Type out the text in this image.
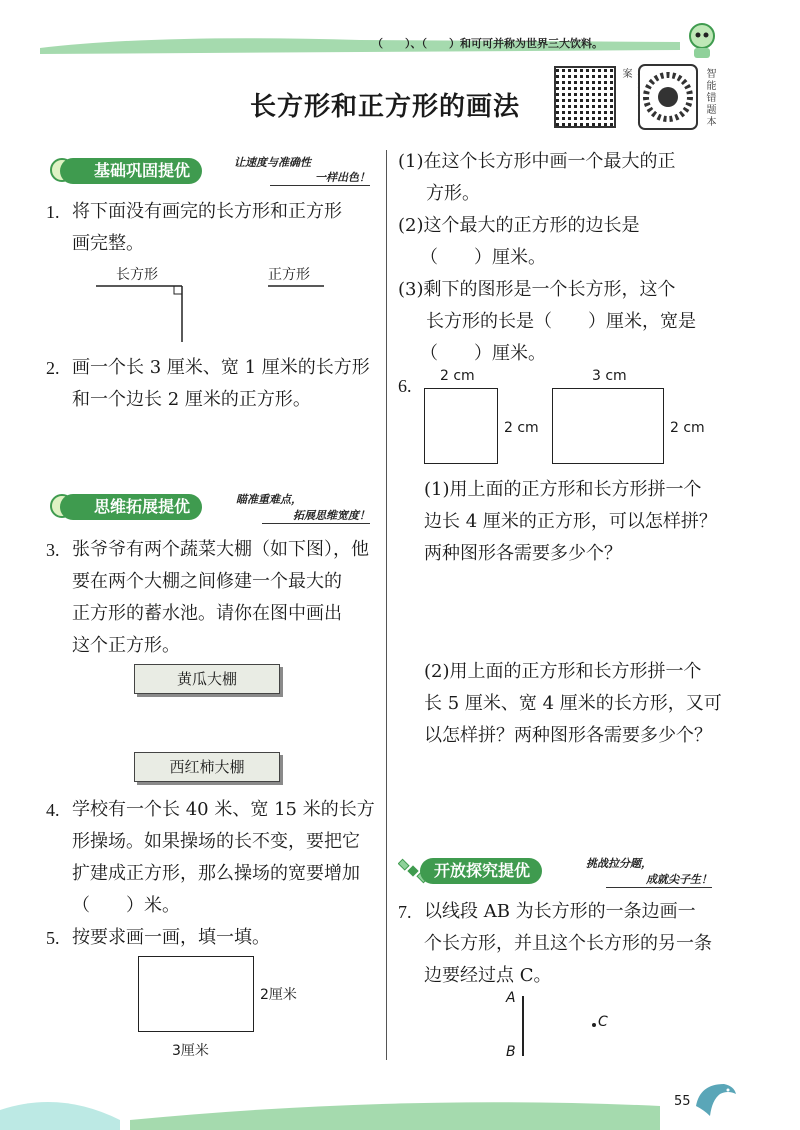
（　　）、（　　）和可可并称为世界三大饮料。
长方形和正方形的画法
案	智能错题本
基础巩固提优	让速度与准确性
一样出色！
1. 将下面没有画完的长方形和正方形
画完整。
长方形	正方形
2. 画一个长 3 厘米、宽 1 厘米的长方形
和一个边长 2 厘米的正方形。
思维拓展提优	瞄准重难点，
拓展思维宽度！
3. 张爷爷有两个蔬菜大棚（如下图），他
要在两个大棚之间修建一个最大的
正方形的蓄水池。请你在图中画出
这个正方形。
黄瓜大棚
西红柿大棚
4. 学校有一个长 40 米、宽 15 米的长方
形操场。如果操场的长不变，要把它
扩建成正方形，那么操场的宽要增加
（　　）米。
5. 按要求画一画，填一填。
2厘米
3厘米
(1)在这个长方形中画一个最大的正
方形。
(2)这个最大的正方形的边长是
（　　）厘米。
(3)剩下的图形是一个长方形，这个
长方形的长是（　　）厘米，宽是
（　　）厘米。
6. 2 cm
2 cm
3 cm
2 cm
(1)用上面的正方形和长方形拼一个
边长 4 厘米的正方形，可以怎样拼？
两种图形各需要多少个？
(2)用上面的正方形和长方形拼一个
长 5 厘米、宽 4 厘米的长方形，又可
以怎样拼？两种图形各需要多少个？
开放探究提优	挑战拉分题，
成就尖子生！
7. 以线段 AB 为长方形的一条边画一
个长方形，并且这个长方形的另一条
边要经过点 C。
A
B
C
55
